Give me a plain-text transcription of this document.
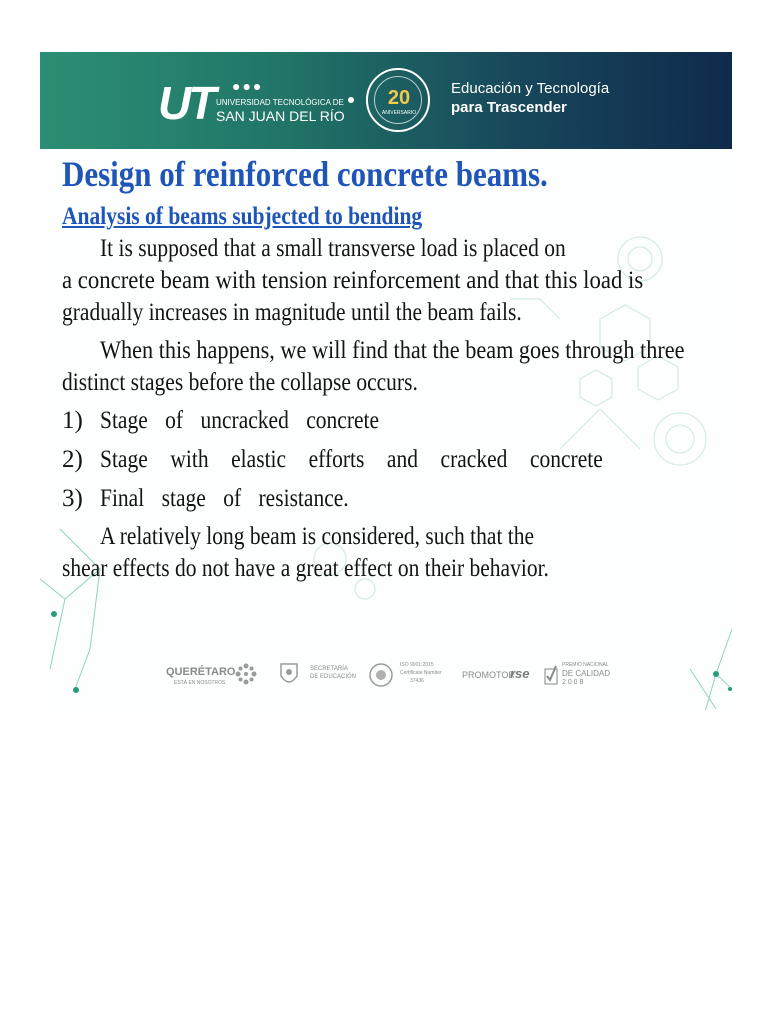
UT ●●●
UNIVERSIDAD TECNOLÓGICA DE
SAN JUAN DEL RÍO
20
ANIVERSARIO
Educación y Tecnología
para Trascender
Design of reinforced concrete beams.
Analysis of beams subjected to bending
It is supposed that a small transverse load is placed on
a concrete beam with tension reinforcement and that this load is
gradually increases in magnitude until the beam fails.
When this happens, we will find that the beam goes through three
distinct stages before the collapse occurs.
1) Stage of uncracked concrete
2) Stage with elastic efforts and cracked concrete
3) Final stage of resistance.
A relatively long beam is considered, such that the
shear effects do not have a great effect on their behavior.
QUERÉTARO
ESTÁ EN NOSOTROS
SECRETARÍA
DE EDUCACIÓN
ISO 9001:2015
Certificate Number
37436
PROMOTOR
rse
PREMIO NACIONAL
DE CALIDAD
2 0 0 8
